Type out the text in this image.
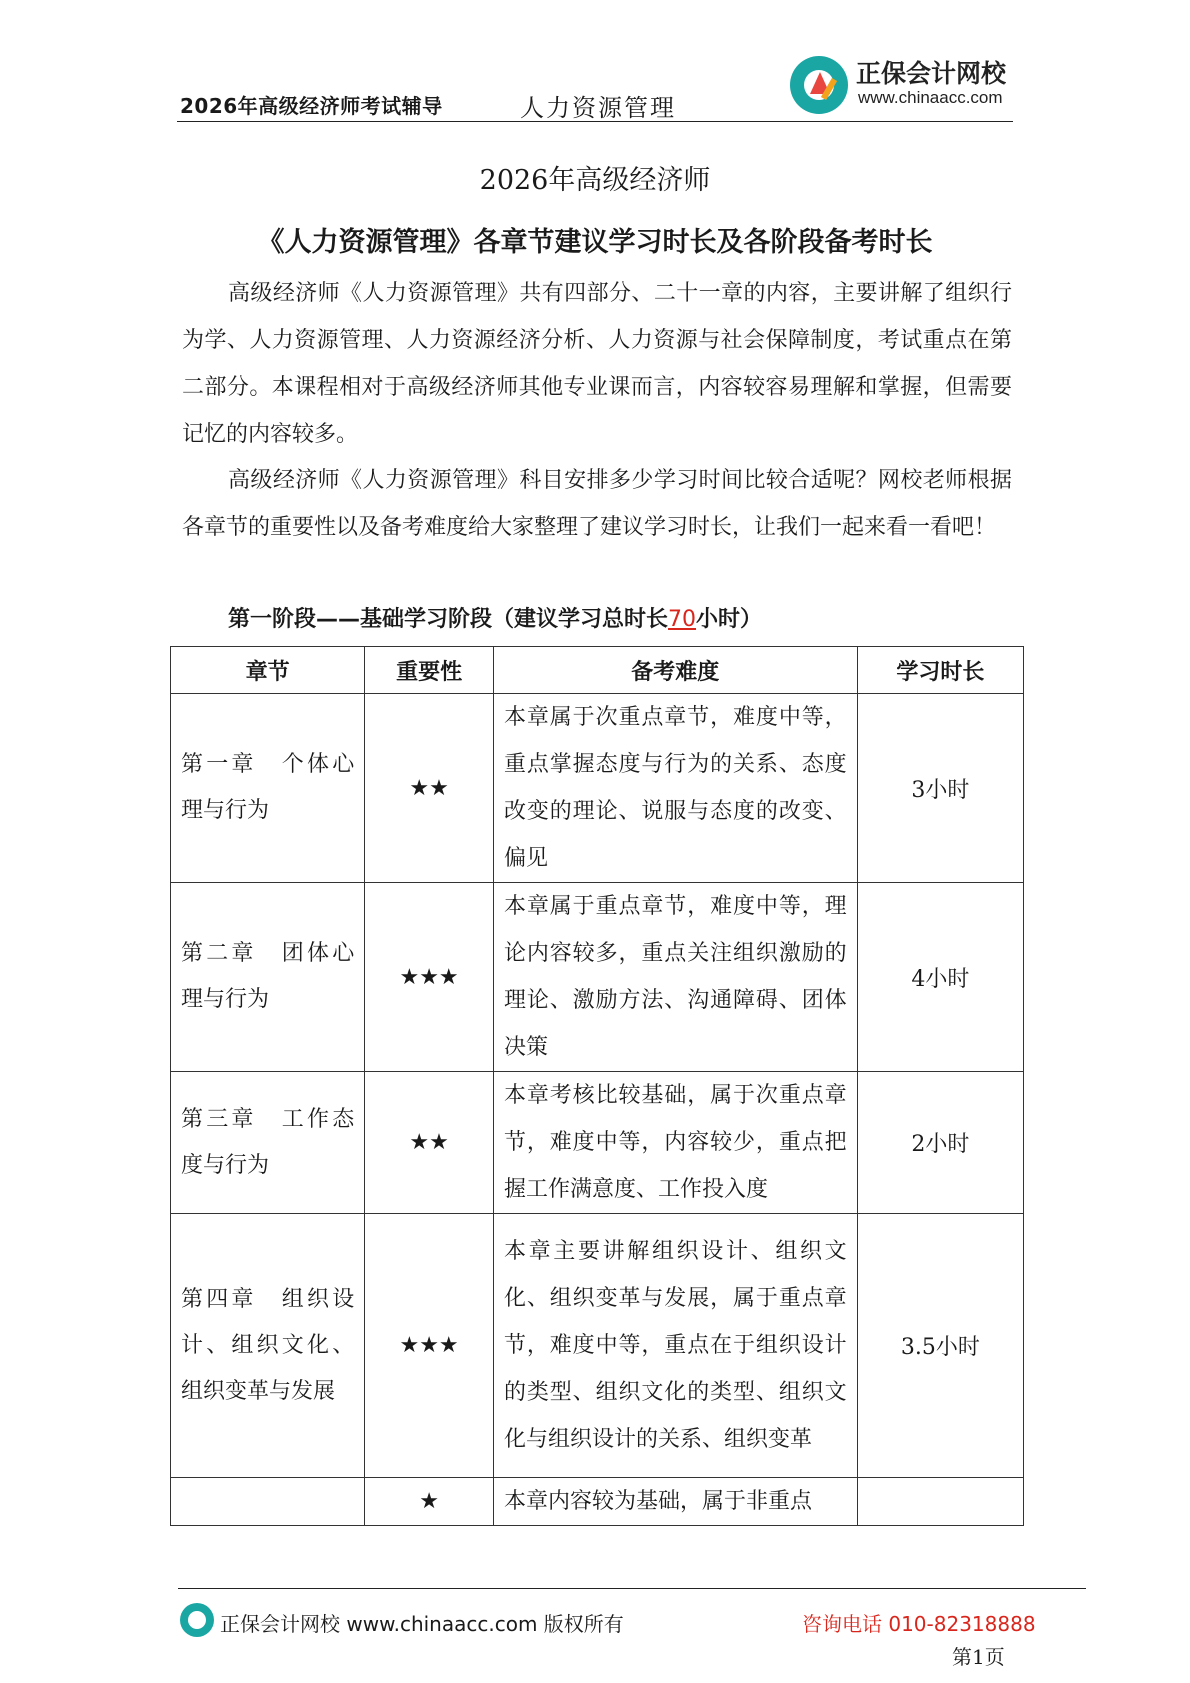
2026年高级经济师考试辅导	人力资源管理
正保会计网校
www.chinaacc.com
2026年高级经济师
《人力资源管理》各章节建议学习时长及各阶段备考时长
高级经济师《人力资源管理》共有四部分、二十一章的内容，主要讲解了组织行为学、人力资源管理、人力资源经济分析、人力资源与社会保障制度，考试重点在第二部分。本课程相对于高级经济师其他专业课而言，内容较容易理解和掌握，但需要记忆的内容较多。
高级经济师《人力资源管理》科目安排多少学习时间比较合适呢？网校老师根据各章节的重要性以及备考难度给大家整理了建议学习时长，让我们一起来看一看吧！
第一阶段——基础学习阶段（建议学习总时长70小时）
章节	重要性	备考难度	学习时长
第一章　个体心理与行为	★★	本章属于次重点章节，难度中等，重点掌握态度与行为的关系、态度改变的理论、说服与态度的改变、偏见	3小时
第二章　团体心理与行为	★★★	本章属于重点章节，难度中等，理论内容较多，重点关注组织激励的理论、激励方法、沟通障碍、团体决策	4小时
第三章　工作态度与行为	★★	本章考核比较基础，属于次重点章节，难度中等，内容较少，重点把握工作满意度、工作投入度	2小时
第四章　组织设计、组织文化、组织变革与发展	★★★	本章主要讲解组织设计、组织文化、组织变革与发展，属于重点章节，难度中等，重点在于组织设计的类型、组织文化的类型、组织文化与组织设计的关系、组织变革	3.5小时
	★	本章内容较为基础，属于非重点	
正保会计网校 www.chinaacc.com 版权所有	咨询电话 010-82318888
第1页
